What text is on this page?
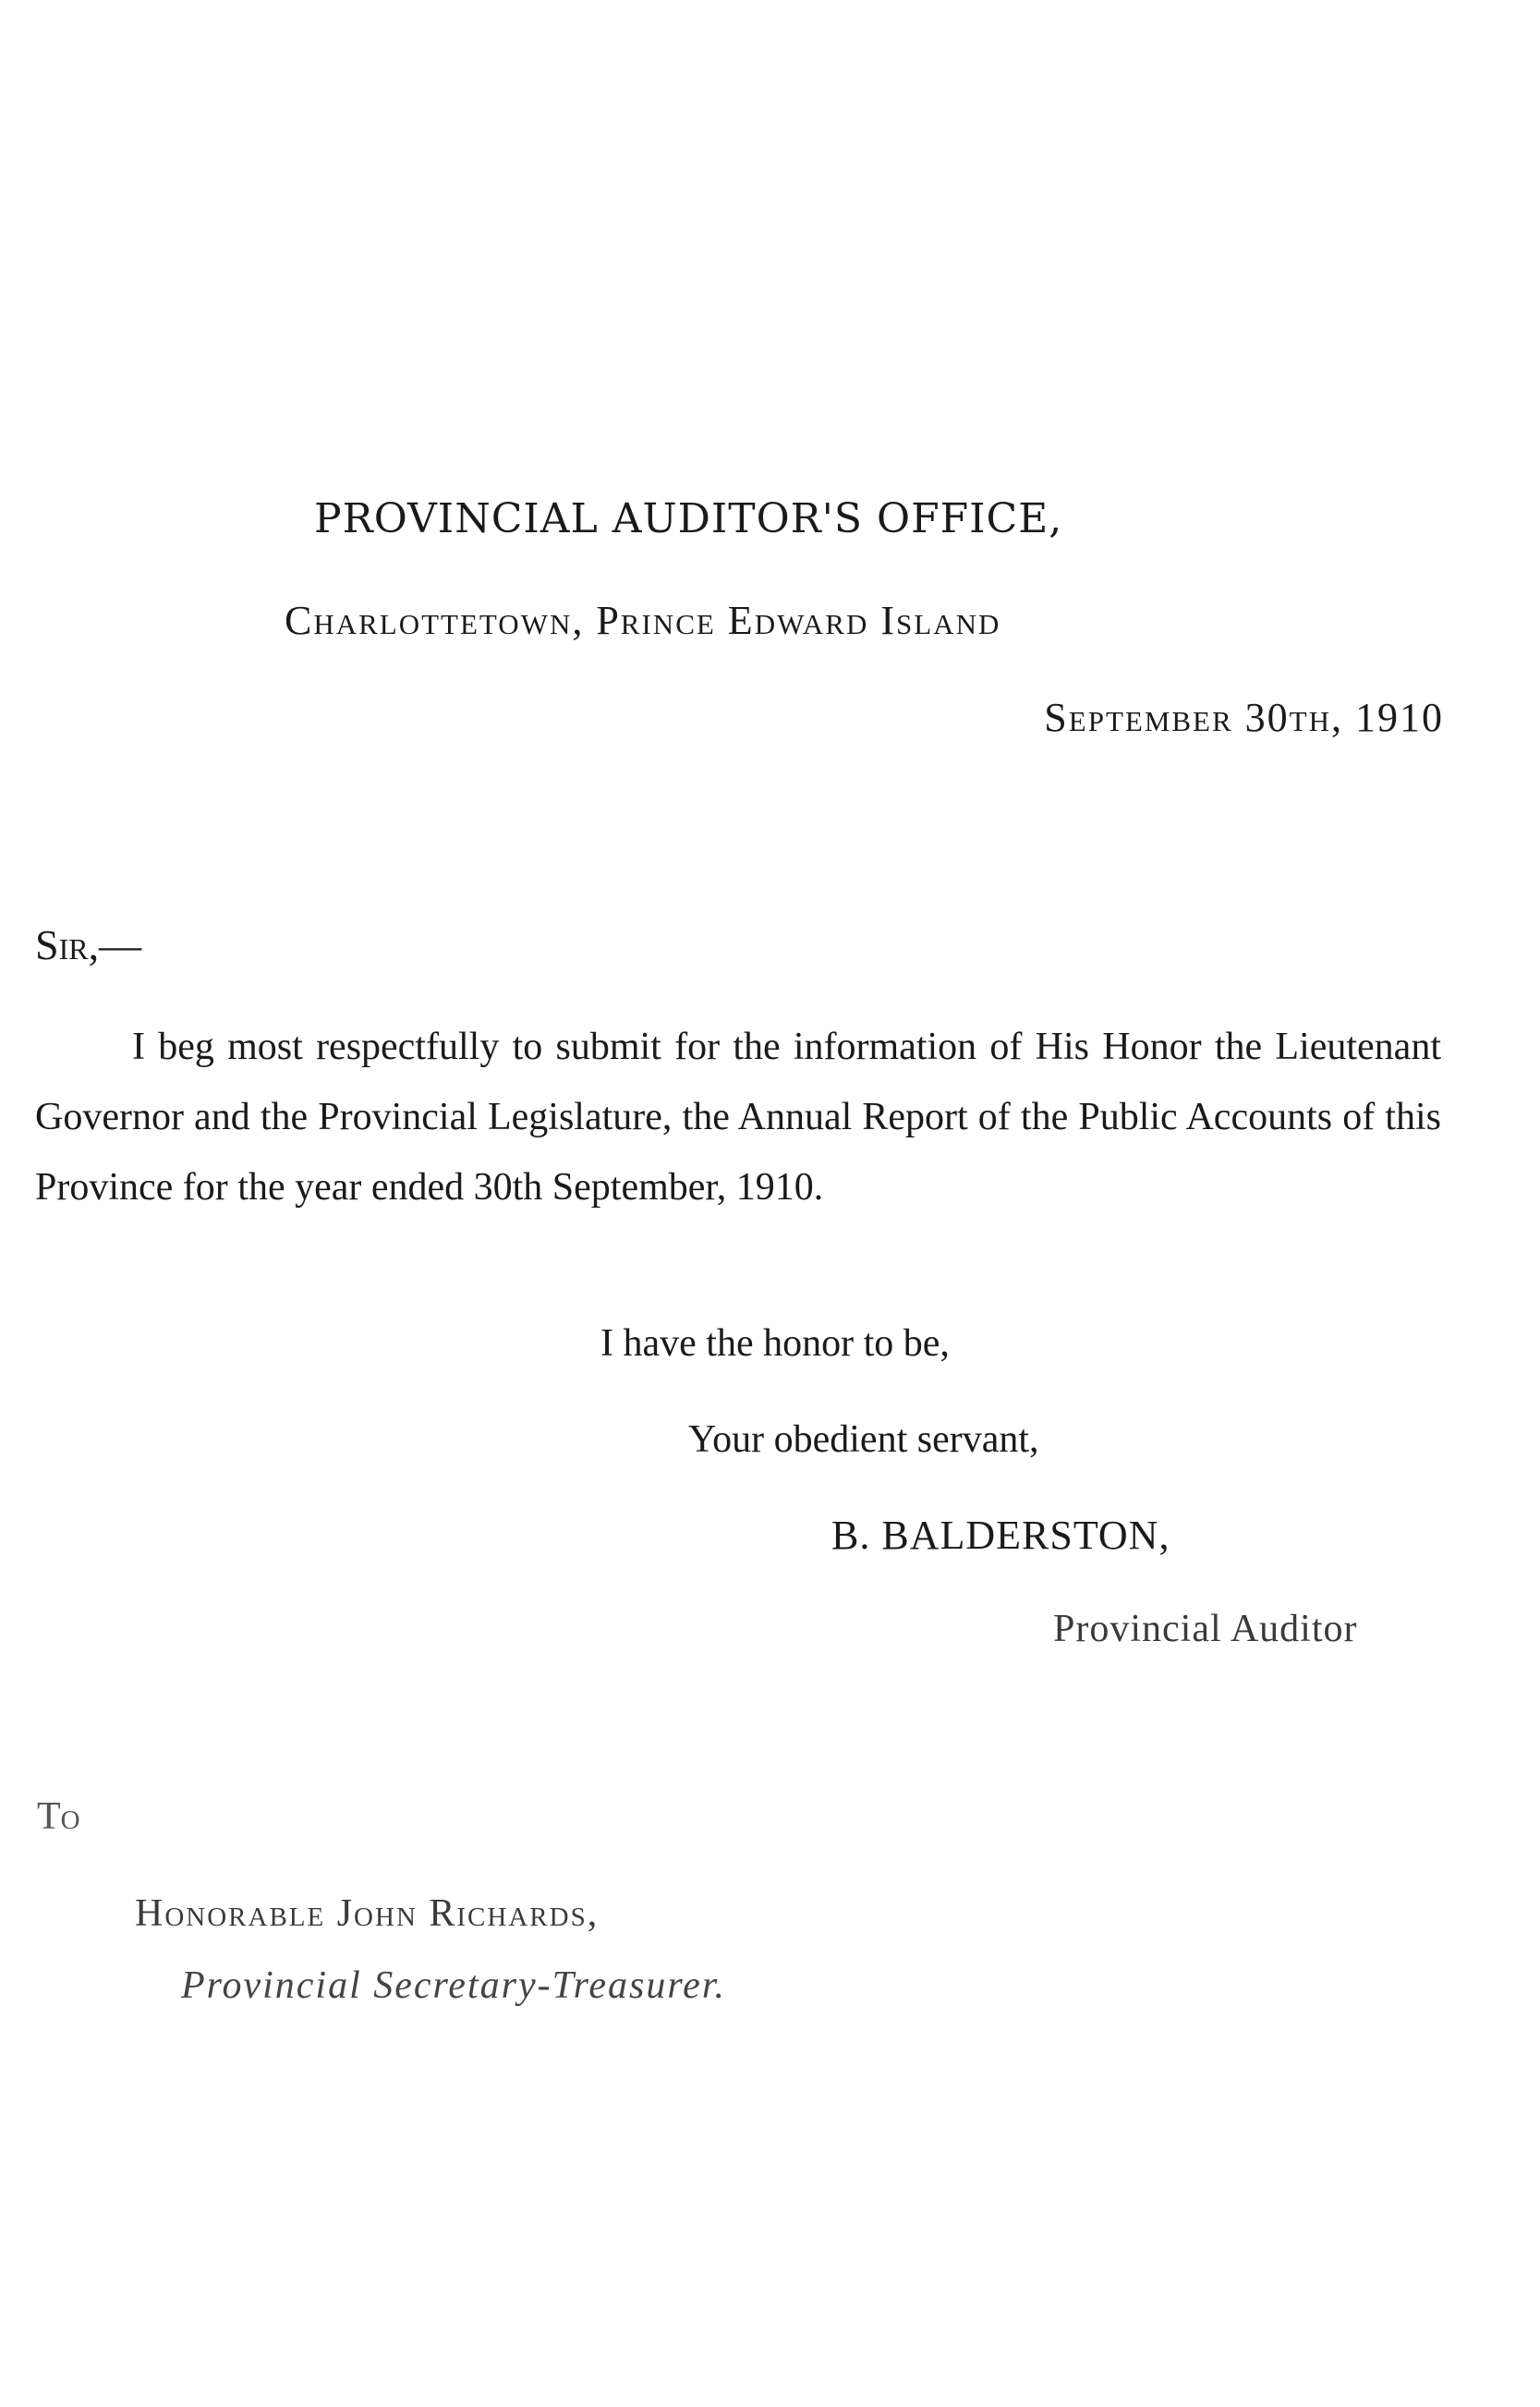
PROVINCIAL AUDITOR'S OFFICE,

Charlottetown, Prince Edward Island

September 30th, 1910

Sir,—

I beg most respectfully to submit for the information of His Honor the Lieutenant Governor and the Provincial Legislature, the Annual Report of the Public Accounts of this Province for the year ended 30th September, 1910.

I have the honor to be,

Your obedient servant,

B. BALDERSTON,

Provincial Auditor

To

Honorable John Richards,

Provincial Secretary-Treasurer.
